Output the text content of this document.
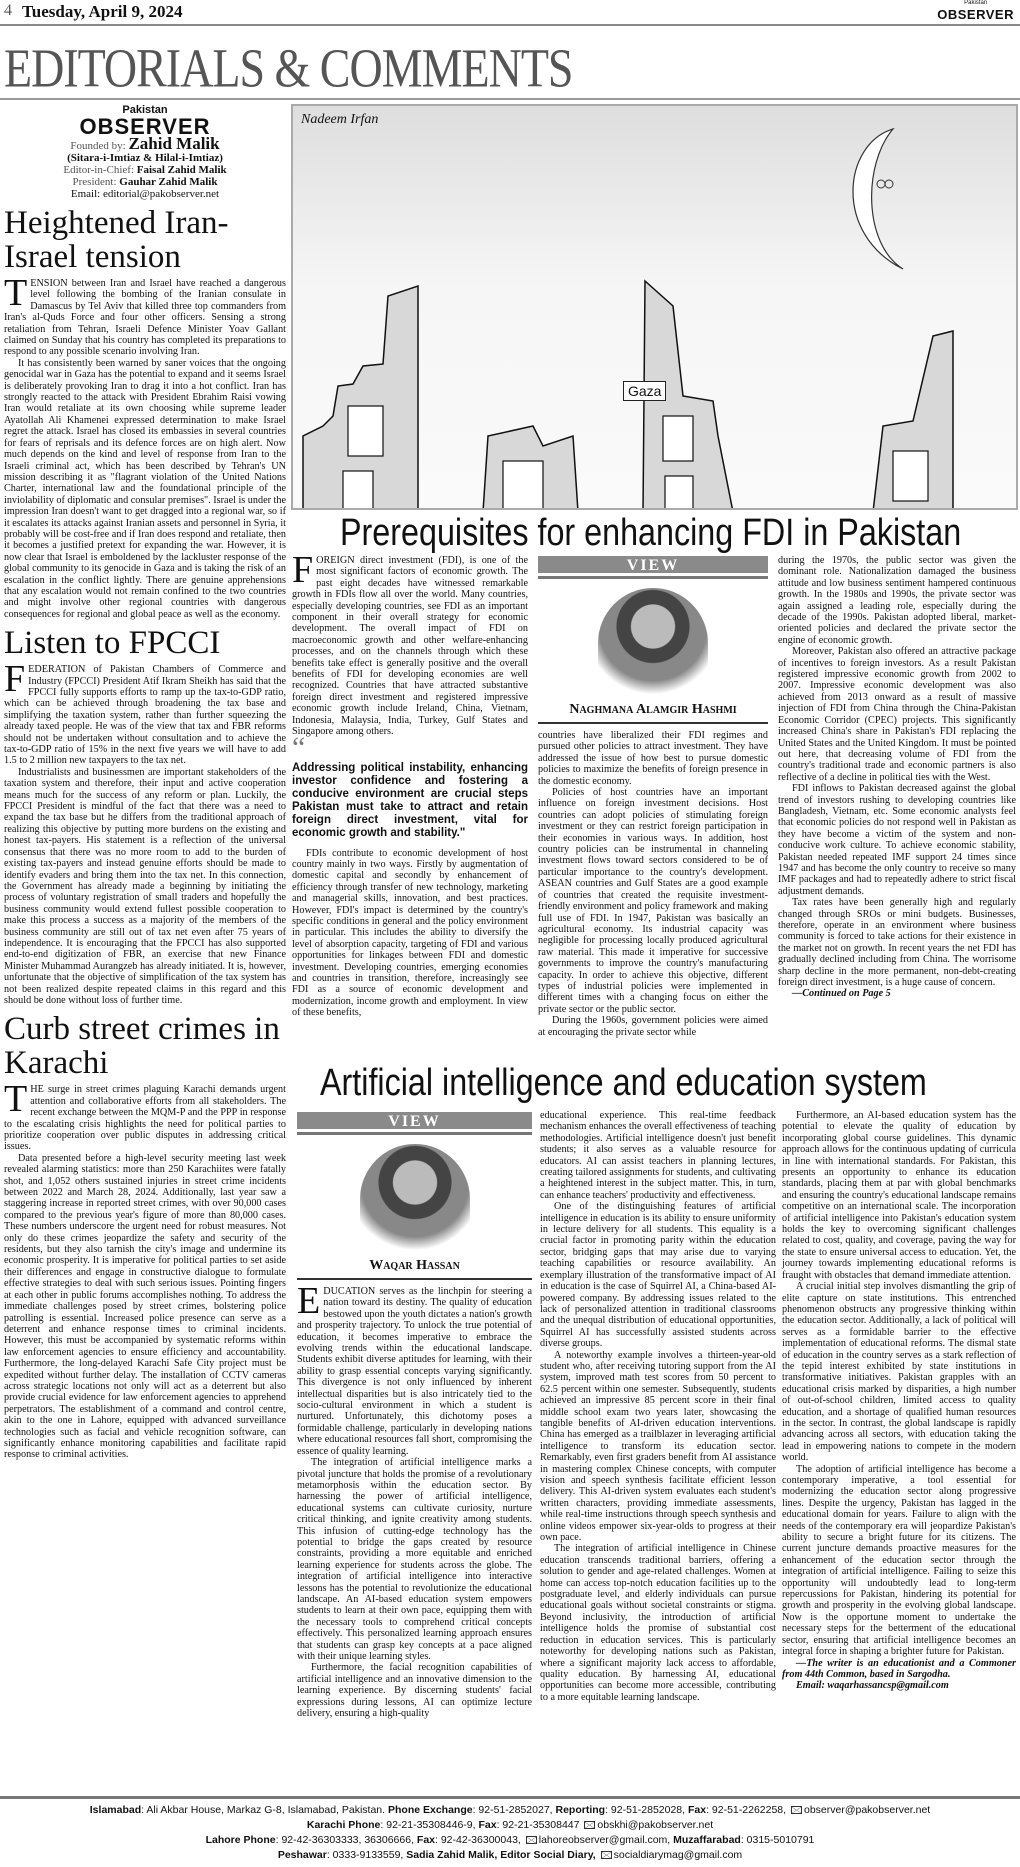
4 Tuesday, April 9, 2024	Pakistan
OBSERVER
EDITORIALS & COMMENTS
Pakistan
OBSERVER
Founded by: Zahid Malik
(Sitara-i-Imtiaz & Hilal-i-Imtiaz)
Editor-in-Chief: Faisal Zahid Malik
President: Gauhar Zahid Malik
Email: editorial@pakobserver.net
Heightened Iran-Israel tension

TENSION between Iran and Israel have reached a dangerous level following the bombing of the Iranian consulate in Damascus by Tel Aviv that killed three top commanders from Iran's al-Quds Force and four other officers. Sensing a strong retaliation from Tehran, Israeli Defence Minister Yoav Gallant claimed on Sunday that his country has completed its preparations to respond to any possible scenario involving Iran.

It has consistently been warned by saner voices that the ongoing genocidal war in Gaza has the potential to expand and it seems Israel is deliberately provoking Iran to drag it into a hot conflict. Iran has strongly reacted to the attack with President Ebrahim Raisi vowing Iran would retaliate at its own choosing while supreme leader Ayatollah Ali Khamenei expressed determination to make Israel regret the attack. Israel has closed its embassies in several countries for fears of reprisals and its defence forces are on high alert. Now much depends on the kind and level of response from Iran to the Israeli criminal act, which has been described by Tehran's UN mission describing it as "flagrant violation of the United Nations Charter, international law and the foundational principle of the inviolability of diplomatic and consular premises". Israel is under the impression Iran doesn't want to get dragged into a regional war, so if it escalates its attacks against Iranian assets and personnel in Syria, it probably will be cost-free and if Iran does respond and retaliate, then it becomes a justified pretext for expanding the war. However, it is now clear that Israel is emboldened by the lackluster response of the global community to its genocide in Gaza and is taking the risk of an escalation in the conflict lightly. There are genuine apprehensions that any escalation would not remain confined to the two countries and might involve other regional countries with dangerous consequences for regional and global peace as well as the economy.

Listen to FPCCI

FEDERATION of Pakistan Chambers of Commerce and Industry (FPCCI) President Atif Ikram Sheikh has said that the FPCCI fully supports efforts to ramp up the tax-to-GDP ratio, which can be achieved through broadening the tax base and simplifying the taxation system, rather than further squeezing the already taxed people. He was of the view that tax and FBR reforms should not be undertaken without consultation and to achieve the tax-to-GDP ratio of 15% in the next five years we will have to add 1.5 to 2 million new taxpayers to the tax net.

Industrialists and businessmen are important stakeholders of the taxation system and therefore, their input and active cooperation means much for the success of any reform or plan. Luckily, the FPCCI President is mindful of the fact that there was a need to expand the tax base but he differs from the traditional approach of realizing this objective by putting more burdens on the existing and honest tax-payers. His statement is a reflection of the universal consensus that there was no more room to add to the burden of existing tax-payers and instead genuine efforts should be made to identify evaders and bring them into the tax net. In this connection, the Government has already made a beginning by initiating the process of voluntary registration of small traders and hopefully the business community would extend fullest possible cooperation to make this process a success as a majority of the members of the business community are still out of tax net even after 75 years of independence. It is encouraging that the FPCCI has also supported end-to-end digitization of FBR, an exercise that new Finance Minister Muhammad Aurangzeb has already initiated. It is, however, unfortunate that the objective of simplification of the tax system has not been realized despite repeated claims in this regard and this should be done without loss of further time.

Curb street crimes in Karachi

THE surge in street crimes plaguing Karachi demands urgent attention and collaborative efforts from all stakeholders. The recent exchange between the MQM-P and the PPP in response to the escalating crisis highlights the need for political parties to prioritize cooperation over public disputes in addressing critical issues.

Data presented before a high-level security meeting last week revealed alarming statistics: more than 250 Karachiites were fatally shot, and 1,052 others sustained injuries in street crime incidents between 2022 and March 28, 2024. Additionally, last year saw a staggering increase in reported street crimes, with over 90,000 cases compared to the previous year's figure of more than 80,000 cases. These numbers underscore the urgent need for robust measures. Not only do these crimes jeopardize the safety and security of the residents, but they also tarnish the city's image and undermine its economic prosperity. It is imperative for political parties to set aside their differences and engage in constructive dialogue to formulate effective strategies to deal with such serious issues. Pointing fingers at each other in public forums accomplishes nothing. To address the immediate challenges posed by street crimes, bolstering police patrolling is essential. Increased police presence can serve as a deterrent and enhance response times to criminal incidents. However, this must be accompanied by systematic reforms within law enforcement agencies to ensure efficiency and accountability. Furthermore, the long-delayed Karachi Safe City project must be expedited without further delay. The installation of CCTV cameras across strategic locations not only will act as a deterrent but also provide crucial evidence for law enforcement agencies to apprehend perpetrators. The establishment of a command and control centre, akin to the one in Lahore, equipped with advanced surveillance technologies such as facial and vehicle recognition software, can significantly enhance monitoring capabilities and facilitate rapid response to criminal activities.

Nadeem Irfan
Gaza
Prerequisites for enhancing FDI in Pakistan

FOREIGN direct investment (FDI), is one of the most significant factors of economic growth. The past eight decades have witnessed remarkable growth in FDIs flow all over the world. Many countries, especially developing countries, see FDI as an important component in their overall strategy for economic development. The overall impact of FDI on macroeconomic growth and other welfare-enhancing processes, and on the channels through which these benefits take effect is generally positive and the overall benefits of FDI for developing economies are well recognized. Countries that have attracted substantive foreign direct investment and registered impressive economic growth include Ireland, China, Vietnam, Indonesia, Malaysia, India, Turkey, Gulf States and Singapore among others.

“
Addressing political instability, enhancing investor confidence and fostering a conducive environment are crucial steps Pakistan must take to attract and retain foreign direct investment, vital for economic growth and stability."

FDIs contribute to economic development of host country mainly in two ways. Firstly by augmentation of domestic capital and secondly by enhancement of efficiency through transfer of new technology, marketing and managerial skills, innovation, and best practices. However, FDI's impact is determined by the country's specific conditions in general and the policy environment in particular. This includes the ability to diversify the level of absorption capacity, targeting of FDI and various opportunities for linkages between FDI and domestic investment. Developing countries, emerging economies and countries in transition, therefore, increasingly see FDI as a source of economic development and modernization, income growth and employment. In view of these benefits,

VIEW
Naghmana Alamgir Hashmi

countries have liberalized their FDI regimes and pursued other policies to attract investment. They have addressed the issue of how best to pursue domestic policies to maximize the benefits of foreign presence in the domestic economy.

Policies of host countries have an important influence on foreign investment decisions. Host countries can adopt policies of stimulating foreign investment or they can restrict foreign participation in their economies in various ways. In addition, host country policies can be instrumental in channeling investment flows toward sectors considered to be of particular importance to the country's development. ASEAN countries and Gulf States are a good example of countries that created the requisite investment-friendly environment and policy framework and making full use of FDI. In 1947, Pakistan was basically an agricultural economy. Its industrial capacity was negligible for processing locally produced agricultural raw material. This made it imperative for successive governments to improve the country's manufacturing capacity. In order to achieve this objective, different types of industrial policies were implemented in different times with a changing focus on either the private sector or the public sector.

During the 1960s, government policies were aimed at encouraging the private sector while

during the 1970s, the public sector was given the dominant role. Nationalization damaged the business attitude and low business sentiment hampered continuous growth. In the 1980s and 1990s, the private sector was again assigned a leading role, especially during the decade of the 1990s. Pakistan adopted liberal, market-oriented policies and declared the private sector the engine of economic growth.

Moreover, Pakistan also offered an attractive package of incentives to foreign investors. As a result Pakistan registered impressive economic growth from 2002 to 2007. Impressive economic development was also achieved from 2013 onward as a result of massive injection of FDI from China through the China-Pakistan Economic Corridor (CPEC) projects. This significantly increased China's share in Pakistan's FDI replacing the United States and the United Kingdom. It must be pointed out here, that decreasing volume of FDI from the country's traditional trade and economic partners is also reflective of a decline in political ties with the West.

FDI inflows to Pakistan decreased against the global trend of investors rushing to developing countries like Bangladesh, Vietnam, etc. Some economic analysts feel that economic policies do not respond well in Pakistan as they have become a victim of the system and non-conducive work culture. To achieve economic stability, Pakistan needed repeated IMF support 24 times since 1947 and has become the only country to receive so many IMF packages and had to repeatedly adhere to strict fiscal adjustment demands.

Tax rates have been generally high and regularly changed through SROs or mini budgets. Businesses, therefore, operate in an environment where business community is forced to take actions for their existence in the market not on growth. In recent years the net FDI has gradually declined including from China. The worrisome sharp decline in the more permanent, non-debt-creating foreign direct investment, is a huge cause of concern.

—Continued on Page 5

Artificial intelligence and education system
VIEW
Waqar Hassan

EDUCATION serves as the linchpin for steering a nation toward its destiny. The quality of education bestowed upon the youth dictates a nation's growth and prosperity trajectory. To unlock the true potential of education, it becomes imperative to embrace the evolving trends within the educational landscape. Students exhibit diverse aptitudes for learning, with their ability to grasp essential concepts varying significantly. This divergence is not only influenced by inherent intellectual disparities but is also intricately tied to the socio-cultural environment in which a student is nurtured. Unfortunately, this dichotomy poses a formidable challenge, particularly in developing nations where educational resources fall short, compromising the essence of quality learning.

The integration of artificial intelligence marks a pivotal juncture that holds the promise of a revolutionary metamorphosis within the education sector. By harnessing the power of artificial intelligence, educational systems can cultivate curiosity, nurture critical thinking, and ignite creativity among students. This infusion of cutting-edge technology has the potential to bridge the gaps created by resource constraints, providing a more equitable and enriched learning experience for students across the globe. The integration of artificial intelligence into interactive lessons has the potential to revolutionize the educational landscape. An AI-based education system empowers students to learn at their own pace, equipping them with the necessary tools to comprehend critical concepts effectively. This personalized learning approach ensures that students can grasp key concepts at a pace aligned with their unique learning styles.

Furthermore, the facial recognition capabilities of artificial intelligence and an innovative dimension to the learning experience. By discerning students' facial expressions during lessons, AI can optimize lecture delivery, ensuring a high-quality

educational experience. This real-time feedback mechanism enhances the overall effectiveness of teaching methodologies. Artificial intelligence doesn't just benefit students; it also serves as a valuable resource for educators. AI can assist teachers in planning lectures, creating tailored assignments for students, and cultivating a heightened interest in the subject matter. This, in turn, can enhance teachers' productivity and effectiveness.

One of the distinguishing features of artificial intelligence in education is its ability to ensure uniformity in lecture delivery for all students. This equality is a crucial factor in promoting parity within the education sector, bridging gaps that may arise due to varying teaching capabilities or resource availability. An exemplary illustration of the transformative impact of AI in education is the case of Squirrel AI, a China-based AI-powered company. By addressing issues related to the lack of personalized attention in traditional classrooms and the unequal distribution of educational opportunities, Squirrel AI has successfully assisted students across diverse groups.

A noteworthy example involves a thirteen-year-old student who, after receiving tutoring support from the AI system, improved math test scores from 50 percent to 62.5 percent within one semester. Subsequently, students achieved an impressive 85 percent score in their final middle school exam two years later, showcasing the tangible benefits of AI-driven education interventions. China has emerged as a trailblazer in leveraging artificial intelligence to transform its education sector. Remarkably, even first graders benefit from AI assistance in mastering complex Chinese concepts, with computer vision and speech synthesis facilitate efficient lesson delivery. This AI-driven system evaluates each student's written characters, providing immediate assessments, while real-time instructions through speech synthesis and online videos empower six-year-olds to progress at their own pace.

The integration of artificial intelligence in Chinese education transcends traditional barriers, offering a solution to gender and age-related challenges. Women at home can access top-notch education facilities up to the postgraduate level, and elderly individuals can pursue educational goals without societal constraints or stigma. Beyond inclusivity, the introduction of artificial intelligence holds the promise of substantial cost reduction in education services. This is particularly noteworthy for developing nations such as Pakistan, where a significant majority lack access to affordable, quality education. By harnessing AI, educational opportunities can become more accessible, contributing to a more equitable learning landscape.

Furthermore, an AI-based education system has the potential to elevate the quality of education by incorporating global course guidelines. This dynamic approach allows for the continuous updating of curricula in line with international standards. For Pakistan, this presents an opportunity to enhance its education standards, placing them at par with global benchmarks and ensuring the country's educational landscape remains competitive on an international scale. The incorporation of artificial intelligence into Pakistan's education system holds the key to overcoming significant challenges related to cost, quality, and coverage, paving the way for the state to ensure universal access to education. Yet, the journey towards implementing educational reforms is fraught with obstacles that demand immediate attention.

A crucial initial step involves dismantling the grip of elite capture on state institutions. This entrenched phenomenon obstructs any progressive thinking within the education sector. Additionally, a lack of political will serves as a formidable barrier to the effective implementation of educational reforms. The dismal state of education in the country serves as a stark reflection of the tepid interest exhibited by state institutions in transformative initiatives. Pakistan grapples with an educational crisis marked by disparities, a high number of out-of-school children, limited access to quality education, and a shortage of qualified human resources in the sector. In contrast, the global landscape is rapidly advancing across all sectors, with education taking the lead in empowering nations to compete in the modern world.

The adoption of artificial intelligence has become a contemporary imperative, a tool essential for modernizing the education sector along progressive lines. Despite the urgency, Pakistan has lagged in the educational domain for years. Failure to align with the needs of the contemporary era will jeopardize Pakistan's ability to secure a bright future for its citizens. The current juncture demands proactive measures for the enhancement of the education sector through the integration of artificial intelligence. Failing to seize this opportunity will undoubtedly lead to long-term repercussions for Pakistan, hindering its potential for growth and prosperity in the evolving global landscape. Now is the opportune moment to undertake the necessary steps for the betterment of the educational sector, ensuring that artificial intelligence becomes an integral force in shaping a brighter future for Pakistan.

—The writer is an educationist and a Commoner from 44th Common, based in Sargodha.

Email: waqarhassancsp@gmail.com

Islamabad: Ali Akbar House, Markaz G-8, Islamabad, Pakistan. Phone Exchange: 92-51-2852027, Reporting: 92-51-2852028, Fax: 92-51-2262258, observer@pakobserver.net
Karachi Phone: 92-21-35308446-9, Fax: 92-21-35308447 obskhi@pakobserver.net
Lahore Phone: 92-42-36303333, 36306666, Fax: 92-42-36300043, lahoreobserver@gmail.com, Muzaffarabad: 0315-5010791
Peshawar: 0333-9133559, Sadia Zahid Malik, Editor Social Diary, socialdiarymag@gmail.com
